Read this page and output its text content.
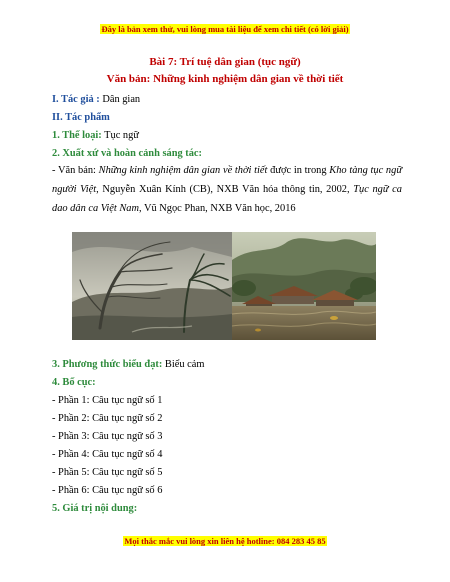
Đây là bản xem thử, vui lòng mua tài liệu để xem chi tiết (có lời giải)
Bài 7: Trí tuệ dân gian (tục ngữ)
Văn bản: Những kinh nghiệm dân gian về thời tiết
I. Tác giả : Dân gian
II. Tác phẩm
1. Thể loại: Tục ngữ
2. Xuất xứ và hoàn cảnh sáng tác:
- Văn bản: Những kinh nghiệm dân gian về thời tiết được in trong Kho tàng tục ngữ người Việt, Nguyễn Xuân Kính (CB), NXB Văn hóa thông tin, 2002, Tục ngữ ca dao dân ca Việt Nam, Vũ Ngọc Phan, NXB Văn học, 2016
3. Phương thức biểu đạt: Biểu cảm
4. Bố cục:
- Phần 1: Câu tục ngữ số 1
- Phần 2: Câu tục ngữ số 2
- Phần 3: Câu tục ngữ số 3
- Phần 4: Câu tục ngữ số 4
- Phần 5: Câu tục ngữ số 5
- Phần 6: Câu tục ngữ số 6
5. Giá trị nội dung:
Mọi thắc mắc vui lòng xin liên hệ hotline: 084 283 45 85
